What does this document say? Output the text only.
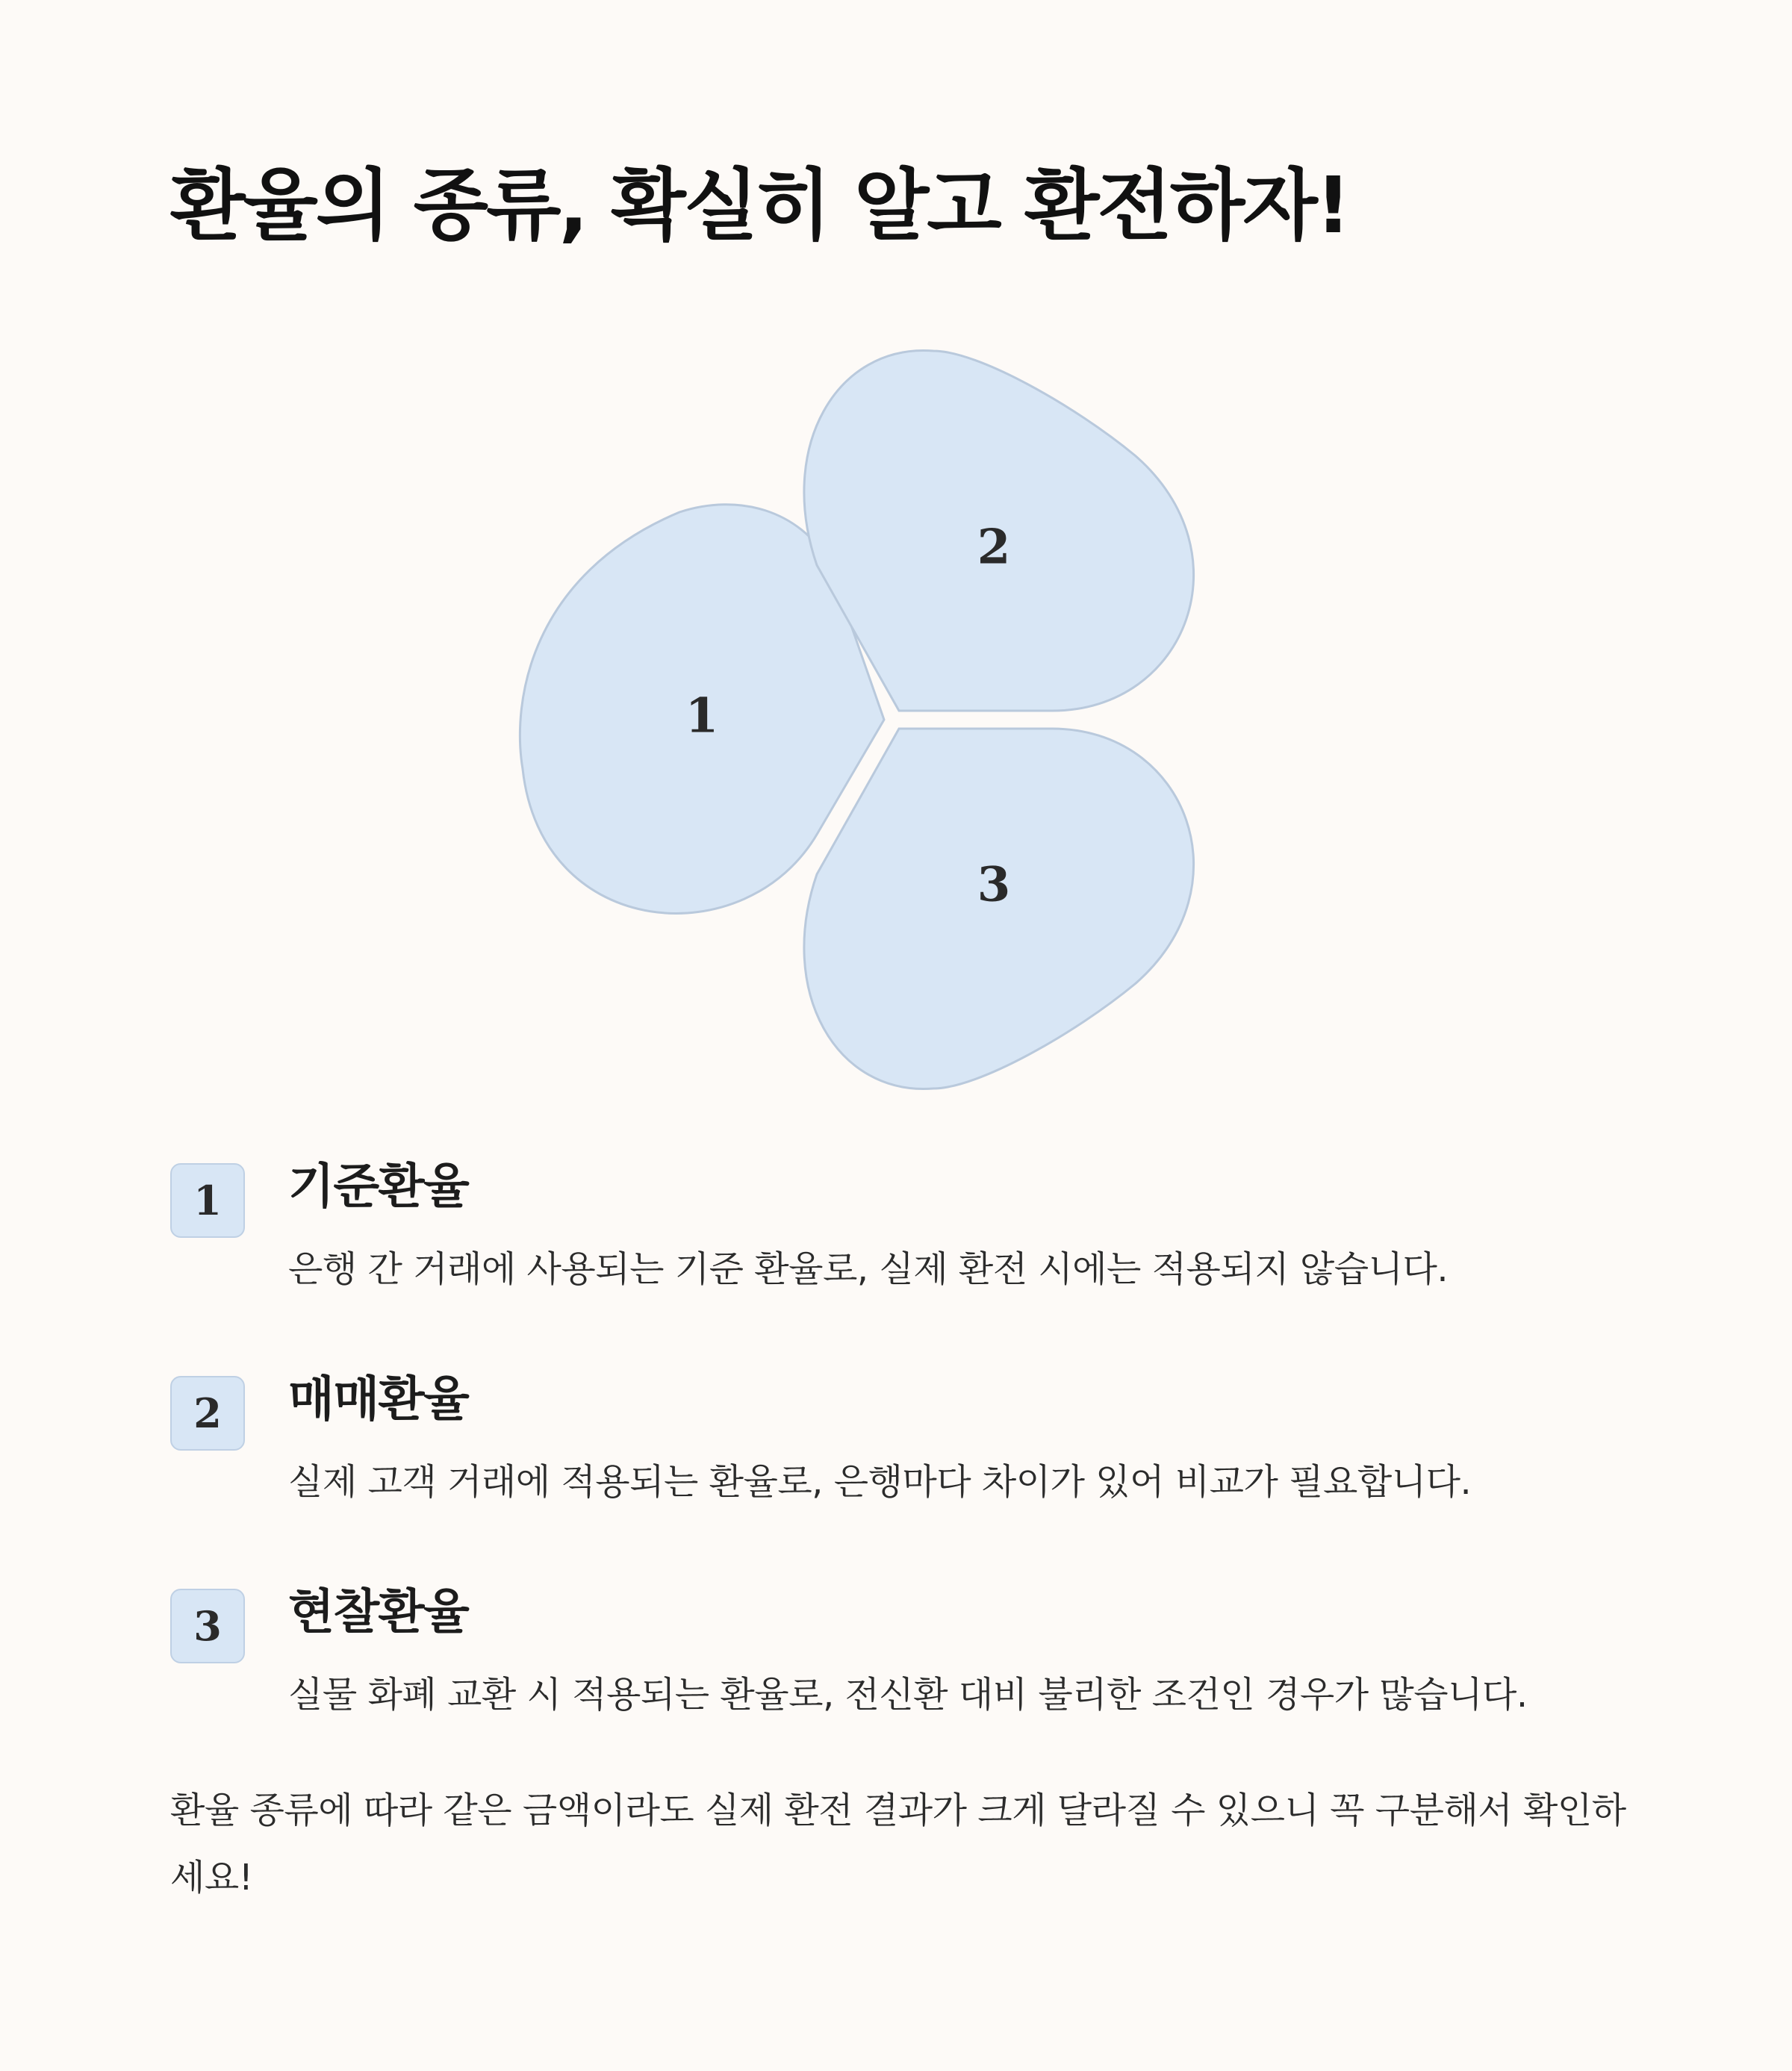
환율의 종류, 확실히 알고 환전하자!
1
2
3
1	기준환율

은행 간 거래에 사용되는 기준 환율로, 실제 환전 시에는 적용되지 않습니다.

2	매매환율

실제 고객 거래에 적용되는 환율로, 은행마다 차이가 있어 비교가 필요합니다.

3	현찰환율

실물 화폐 교환 시 적용되는 환율로, 전신환 대비 불리한 조건인 경우가 많습니다.

환율 종류에 따라 같은 금액이라도 실제 환전 결과가 크게 달라질 수 있으니 꼭 구분해서 확인하세요!
